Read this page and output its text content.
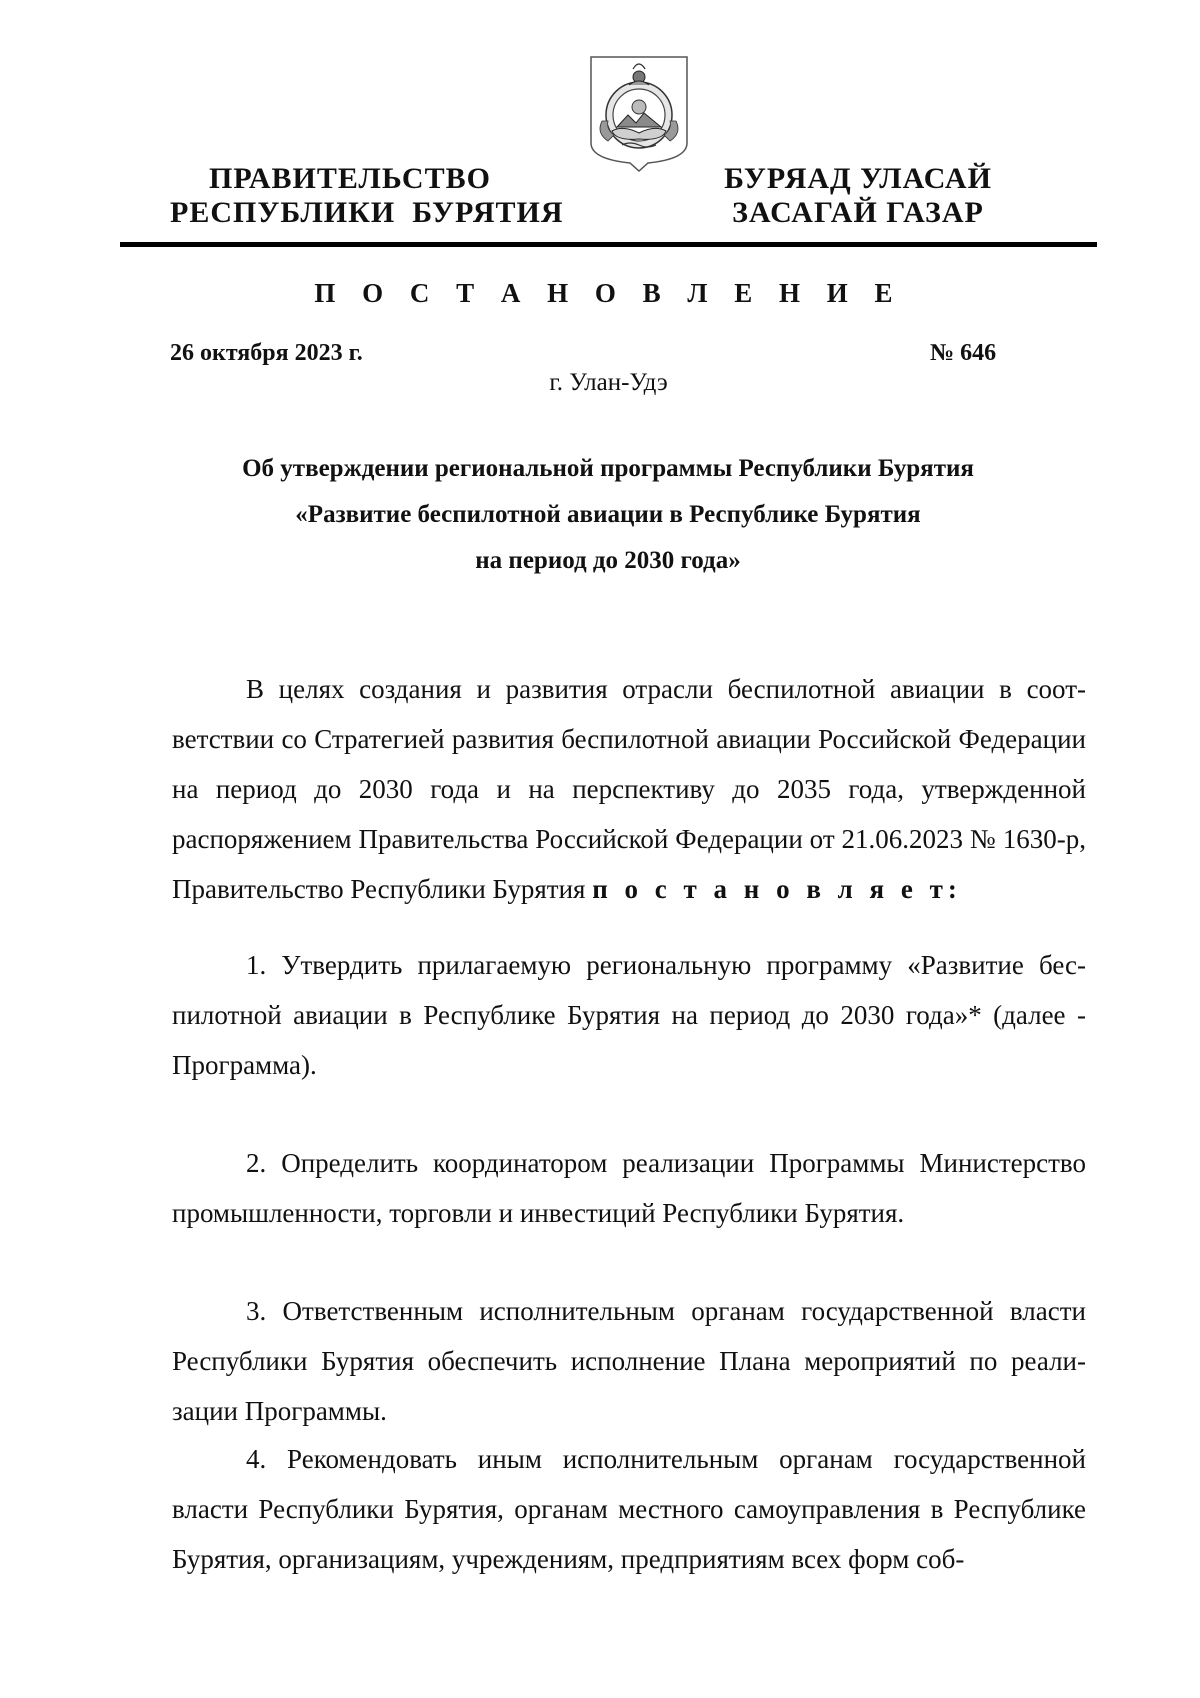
ПРАВИТЕЛЬСТВО
РЕСПУБЛИКИ  БУРЯТИЯ
БУРЯАД УЛАСАЙ
ЗАСАГАЙ ГАЗАР
П О С Т А Н О В Л Е Н И Е
26 октября 2023 г.	№ 646
г. Улан-Удэ
Об утверждении региональной программы Республики Бурятия
«Развитие беспилотной авиации в Республике Бурятия
на период до 2030 года»

В целях создания и развития отрасли беспилотной авиации в соответствии со Стратегией развития беспилотной авиации Российской Федерации на период до 2030 года и на перспективу до 2035 года, утвержденной распоряжением Правительства Российской Федерации от 21.06.2023 № 1630-р, Правительство Республики Бурятия п о с т а н о в л я е т:

1. Утвердить прилагаемую региональную программу «Развитие беспилотной авиации в Республике Бурятия на период до 2030 года»* (далее - Программа).

2. Определить координатором реализации Программы Министерство промышленности, торговли и инвестиций Республики Бурятия.

3. Ответственным исполнительным органам государственной власти Республики Бурятия обеспечить исполнение Плана мероприятий по реализации Программы.

4. Рекомендовать иным исполнительным органам государственной власти Республики Бурятия, органам местного самоуправления в Республике Бурятия, организациям, учреждениям, предприятиям всех форм соб-
